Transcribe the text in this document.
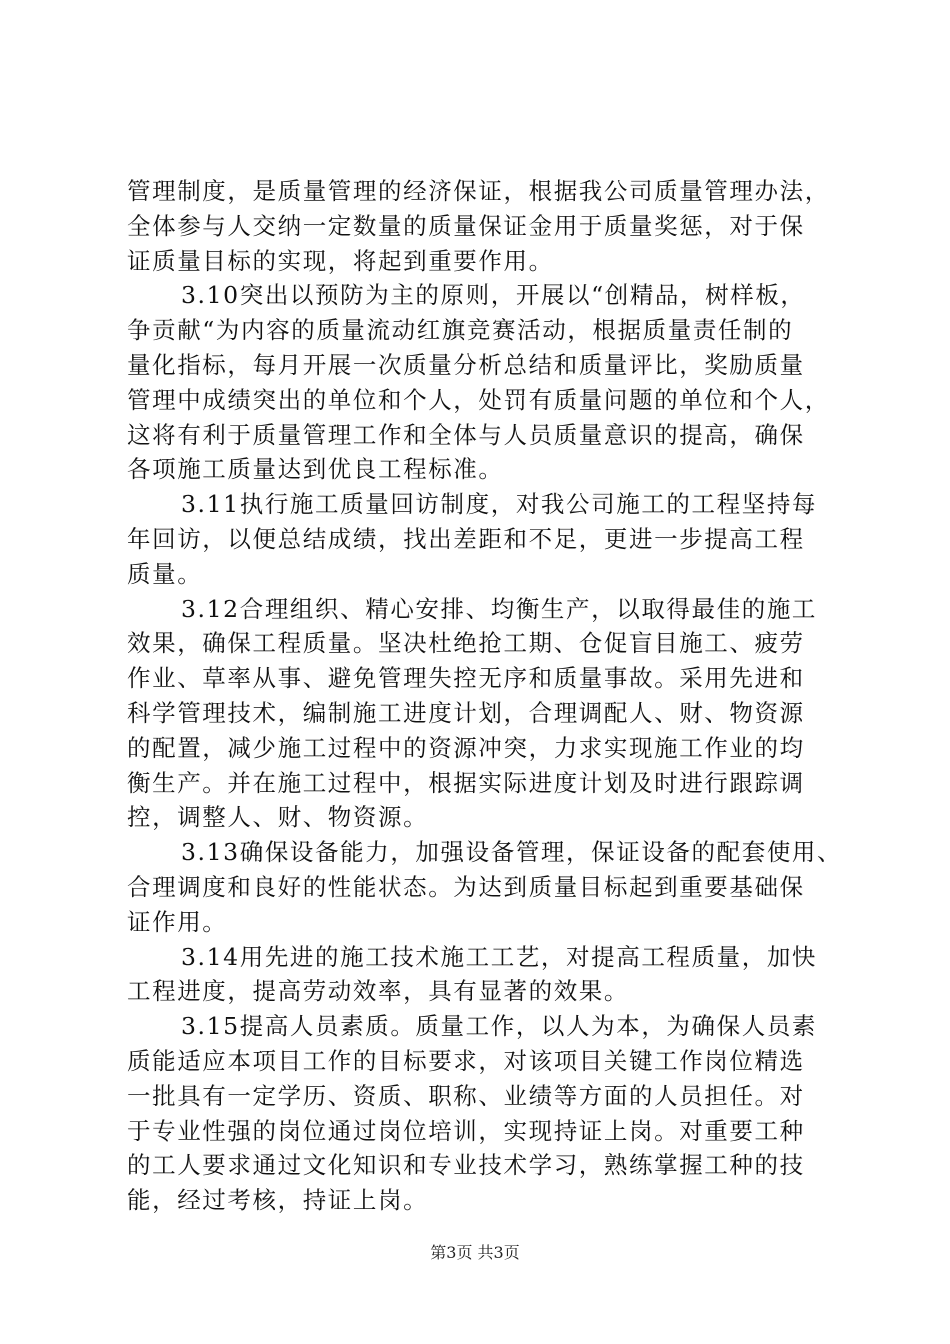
管理制度，是质量管理的经济保证，根据我公司质量管理办法，
全体参与人交纳一定数量的质量保证金用于质量奖惩，对于保
证质量目标的实现，将起到重要作用。
3.10突出以预防为主的原则，开展以“创精品，树样板，
争贡献“为内容的质量流动红旗竞赛活动，根据质量责任制的
量化指标，每月开展一次质量分析总结和质量评比，奖励质量
管理中成绩突出的单位和个人，处罚有质量问题的单位和个人，
这将有利于质量管理工作和全体与人员质量意识的提高，确保
各项施工质量达到优良工程标准。
3.11执行施工质量回访制度，对我公司施工的工程坚持每
年回访，以便总结成绩，找出差距和不足，更进一步提高工程
质量。
3.12合理组织、精心安排、均衡生产，以取得最佳的施工
效果，确保工程质量。坚决杜绝抢工期、仓促盲目施工、疲劳
作业、草率从事、避免管理失控无序和质量事故。采用先进和
科学管理技术，编制施工进度计划，合理调配人、财、物资源
的配置，减少施工过程中的资源冲突，力求实现施工作业的均
衡生产。并在施工过程中，根据实际进度计划及时进行跟踪调
控，调整人、财、物资源。
3.13确保设备能力，加强设备管理，保证设备的配套使用、
合理调度和良好的性能状态。为达到质量目标起到重要基础保
证作用。
3.14用先进的施工技术施工工艺，对提高工程质量，加快
工程进度，提高劳动效率，具有显著的效果。
3.15提高人员素质。质量工作，以人为本，为确保人员素
质能适应本项目工作的目标要求，对该项目关键工作岗位精选
一批具有一定学历、资质、职称、业绩等方面的人员担任。对
于专业性强的岗位通过岗位培训，实现持证上岗。对重要工种
的工人要求通过文化知识和专业技术学习，熟练掌握工种的技
能，经过考核，持证上岗。
第3页 共3页
